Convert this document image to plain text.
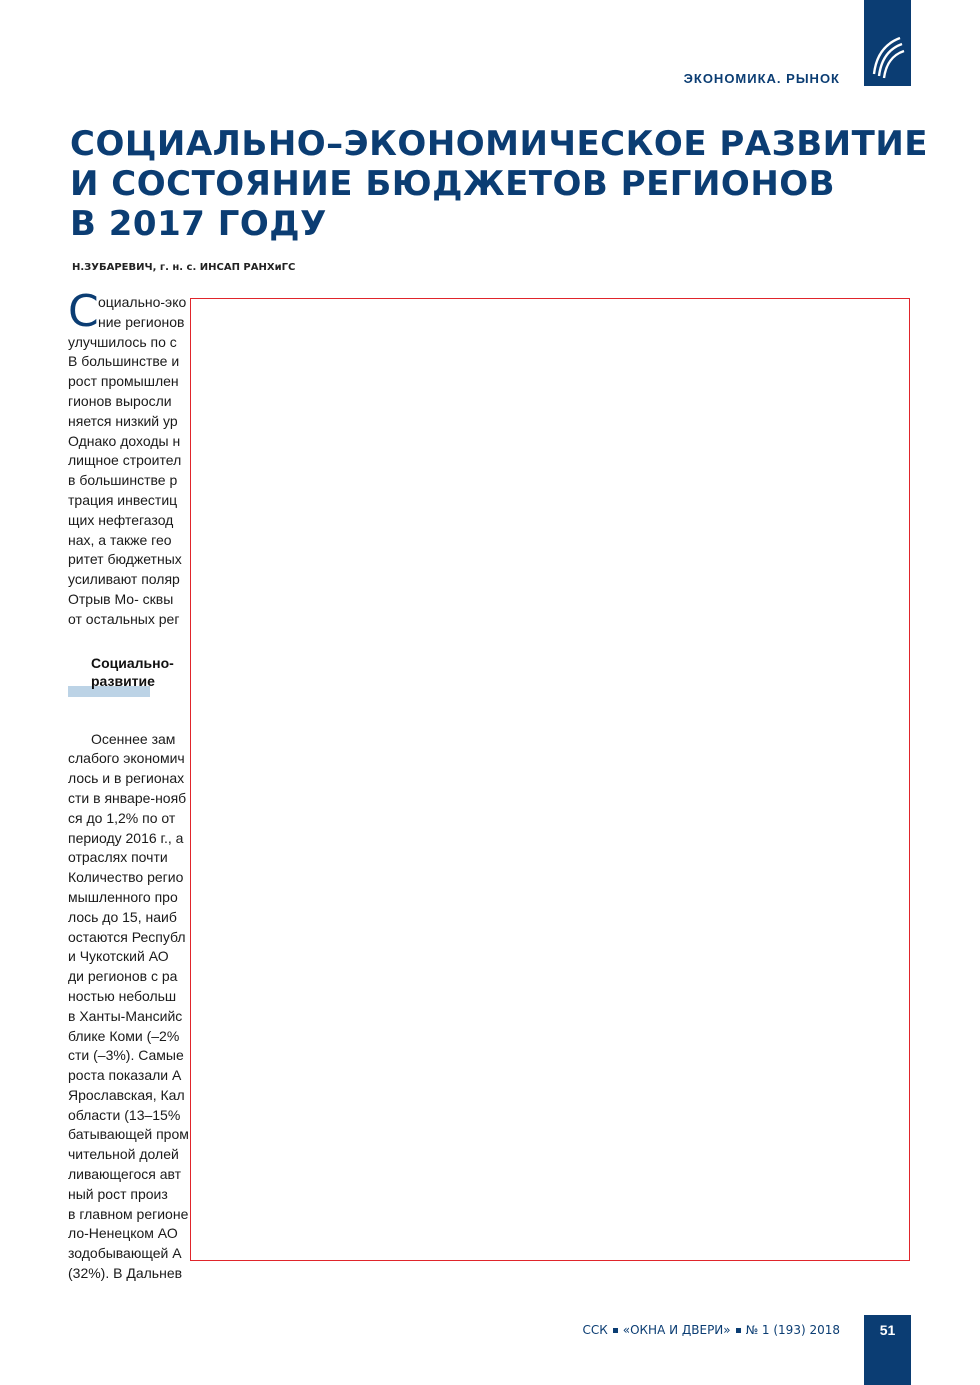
ЭКОНОМИКА. РЫНОК
СОЦИАЛЬНО–ЭКОНОМИЧЕСКОЕ РАЗВИТИЕ
И СОСТОЯНИЕ БЮДЖЕТОВ РЕГИОНОВ
В 2017 ГОДУ
Н.ЗУБАРЕВИЧ, г. н. с. ИНСАП РАНХиГС
С оциально-эко
ние регионов
улучшилось по с
В большинстве и
рост промышлен
гионов выросли
няется низкий ур
Однако доходы н
лищное строител
в большинстве р
трация инвестиц
щих нефтегазод
нах, а также гео
ритет бюджетных
усиливают поляр
Отрыв Мо- сквы
от остальных рег
Социально-
развитие
Осеннее зам
слабого экономич
лось и в регионах
сти в январе-нояб
ся до 1,2% по от
периоду 2016 г., а
отраслях почти
Количество регио
мышленного про
лось до 15, наиб
остаются Республ
и Чукотский АО
ди регионов с ра
ностью небольш
в Ханты-Мансийс
блике Коми (–2%
сти (–3%). Самые
роста показали А
Ярославская, Кал
области (13–15%
батывающей пром
чительной долей
ливающегося авт
ный рост произ
в главном регионе
ло-Ненецком АО
зодобывающей А
(32%). В Дальнев
ССК «ОКНА И ДВЕРИ» № 1 (193) 2018	51
